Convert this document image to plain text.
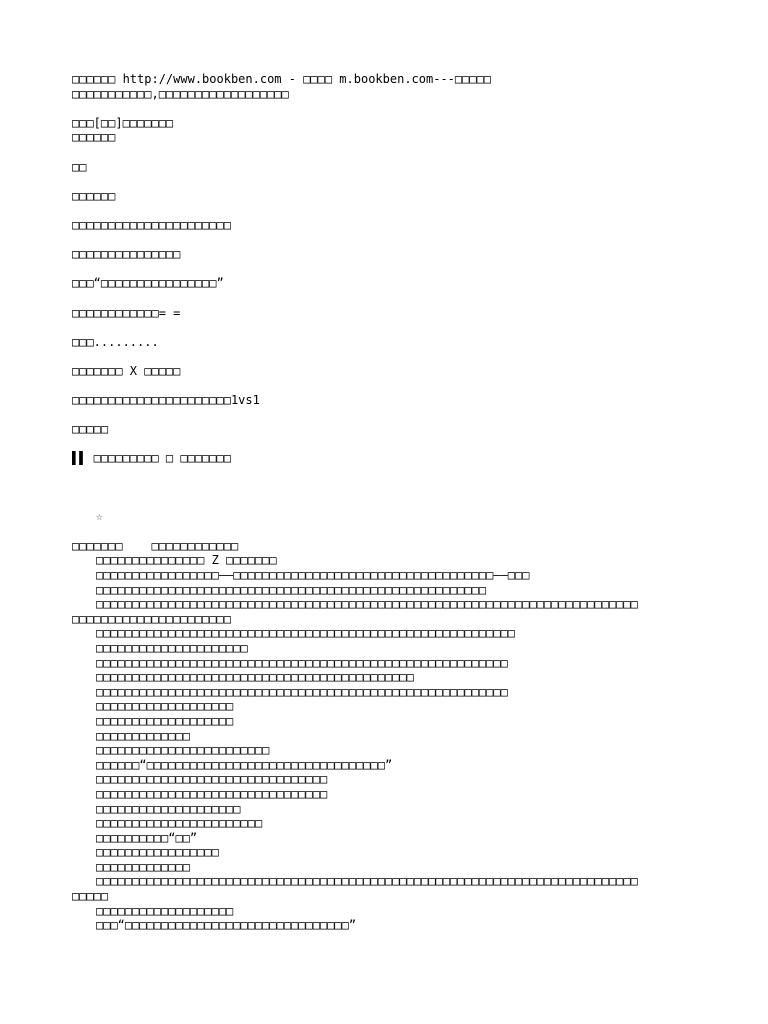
□□□□□□ http://www.bookben.com - □□□□ m.bookben.com---□□□□□
□□□□□□□□□□□,□□□□□□□□□□□□□□□□□□
□□□[□□]□□□□□□□
□□□□□□
□□
□□□□□□
□□□□□□□□□□□□□□□□□□□□□□
□□□□□□□□□□□□□□□
□□□“□□□□□□□□□□□□□□□□”
□□□□□□□□□□□□= =
□□□.........
□□□□□□□ X □□□□□
□□□□□□□□□□□□□□□□□□□□□□1vs1
□□□□□
▌▌ □□□□□□□□□ □ □□□□□□□
☆
□□□□□□□    □□□□□□□□□□□□
□□□□□□□□□□□□□□□ Z □□□□□□□
□□□□□□□□□□□□□□□□□——□□□□□□□□□□□□□□□□□□□□□□□□□□□□□□□□□□□□——□□□
□□□□□□□□□□□□□□□□□□□□□□□□□□□□□□□□□□□□□□□□□□□□□□□□□□□□□□
□□□□□□□□□□□□□□□□□□□□□□□□□□□□□□□□□□□□□□□□□□□□□□□□□□□□□□□□□□□□□□□□□□□□□□□□□□□
□□□□□□□□□□□□□□□□□□□□□□
□□□□□□□□□□□□□□□□□□□□□□□□□□□□□□□□□□□□□□□□□□□□□□□□□□□□□□□□□□
□□□□□□□□□□□□□□□□□□□□□
□□□□□□□□□□□□□□□□□□□□□□□□□□□□□□□□□□□□□□□□□□□□□□□□□□□□□□□□□
□□□□□□□□□□□□□□□□□□□□□□□□□□□□□□□□□□□□□□□□□□□□
□□□□□□□□□□□□□□□□□□□□□□□□□□□□□□□□□□□□□□□□□□□□□□□□□□□□□□□□□
□□□□□□□□□□□□□□□□□□□
□□□□□□□□□□□□□□□□□□□
□□□□□□□□□□□□□
□□□□□□□□□□□□□□□□□□□□□□□□
□□□□□□“□□□□□□□□□□□□□□□□□□□□□□□□□□□□□□□□□”
□□□□□□□□□□□□□□□□□□□□□□□□□□□□□□□□
□□□□□□□□□□□□□□□□□□□□□□□□□□□□□□□□
□□□□□□□□□□□□□□□□□□□□
□□□□□□□□□□□□□□□□□□□□□□□
□□□□□□□□□□“□□”
□□□□□□□□□□□□□□□□□
□□□□□□□□□□□□□
□□□□□□□□□□□□□□□□□□□□□□□□□□□□□□□□□□□□□□□□□□□□□□□□□□□□□□□□□□□□□□□□□□□□□□□□□□□
□□□□□
□□□□□□□□□□□□□□□□□□□
□□□“□□□□□□□□□□□□□□□□□□□□□□□□□□□□□□□”
